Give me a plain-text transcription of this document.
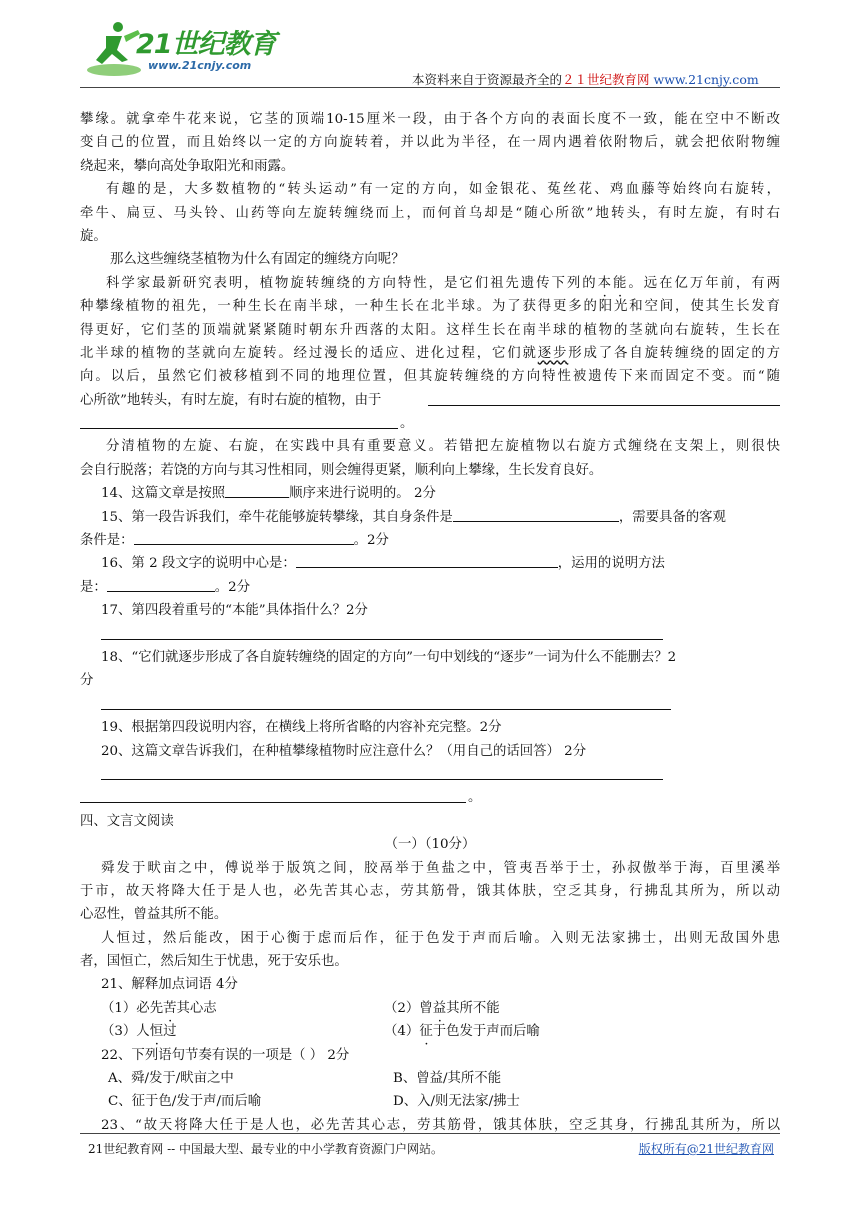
21世纪教育
www.21cnjy.com
本资料来自于资源最齐全的２１世纪教育网 www.21cnjy.com
攀缘。就拿牵牛花来说，它茎的顶端10-15厘米一段，由于各个方向的表面长度不一致，能在空中不断改
变自己的位置，而且始终以一定的方向旋转着，并以此为半径，在一周内遇着依附物后，就会把依附物缠
绕起来，攀向高处争取阳光和雨露。
有趣的是，大多数植物的“转头运动”有一定的方向，如金银花、菟丝花、鸡血藤等始终向右旋转，
牵牛、扁豆、马头铃、山药等向左旋转缠绕而上，而何首乌却是“随心所欲”地转头，有时左旋，有时右
旋。
那么这些缠绕茎植物为什么有固定的缠绕方向呢？
科学家最新研究表明，植物旋转缠绕的方向特性，是它们祖先遗传下列的本能。远在亿万年前，有两
种攀缘植物的祖先，一种生长在南半球，一种生长在北半球。为了获得更多的阳光和空间，使其生长发育
得更好，它们茎的顶端就紧紧随时朝东升西落的太阳。这样生长在南半球的植物的茎就向右旋转，生长在
北半球的植物的茎就向左旋转。经过漫长的适应、进化过程，它们就逐步形成了各自旋转缠绕的固定的方
向。以后，虽然它们被移植到不同的地理位置，但其旋转缠绕的方向特性被遗传下来而固定不变。而“随
心所欲”地转头，有时左旋，有时右旋的植物，由于
。
分清植物的左旋、右旋，在实践中具有重要意义。若错把左旋植物以右旋方式缠绕在支架上，则很快
会自行脱落；若饶的方向与其习性相同，则会缠得更紧，顺利向上攀缘，生长发育良好。
14、这篇文章是按照	顺序来进行说明的。 2分
15、第一段告诉我们，牵牛花能够旋转攀缘，其自身条件是	，需要具备的客观
条件是：	。2分
16、第 2 段文字的说明中心是：	，运用的说明方法
是：	。2分
17、第四段着重号的“本能”具体指什么？2分
18、“它们就逐步形成了各自旋转缠绕的固定的方向”一句中划线的“逐步”一词为什么不能删去？2
分
19、根据第四段说明内容，在横线上将所省略的内容补充完整。2分
20、这篇文章告诉我们，在种植攀缘植物时应注意什么？（用自己的话回答） 2分
。
四、文言文阅读
（一）（10分）
舜发于畎亩之中，傅说举于版筑之间，胶鬲举于鱼盐之中，管夷吾举于士，孙叔傲举于海，百里溪举
于市，故天将降大任于是人也，必先苦其心志，劳其筋骨，饿其体肤，空乏其身，行拂乱其所为，所以动
心忍性，曾益其所不能。
人恒过，然后能改，困于心衡于虑而后作，征于色发于声而后喻。入则无法家拂士，出则无敌国外患
者，国恒亡，然后知生于忧患，死于安乐也。
21、解释加点词语 4分
（1）必先苦其心志	（2）曾益其所不能
（3）人恒过	（4）征于色发于声而后喻
22、下列语句节奏有误的一项是（ ） 2分
A、舜/发于/畎亩之中	B、曾益/其所不能
C、征于色/发于声/而后喻	D、入/则无法家/拂士
23、“故天将降大任于是人也，必先苦其心志，劳其筋骨，饿其体肤，空乏其身，行拂乱其所为，所以
21世纪教育网 -- 中国最大型、最专业的中小学教育资源门户网站。	版权所有@21世纪教育网
